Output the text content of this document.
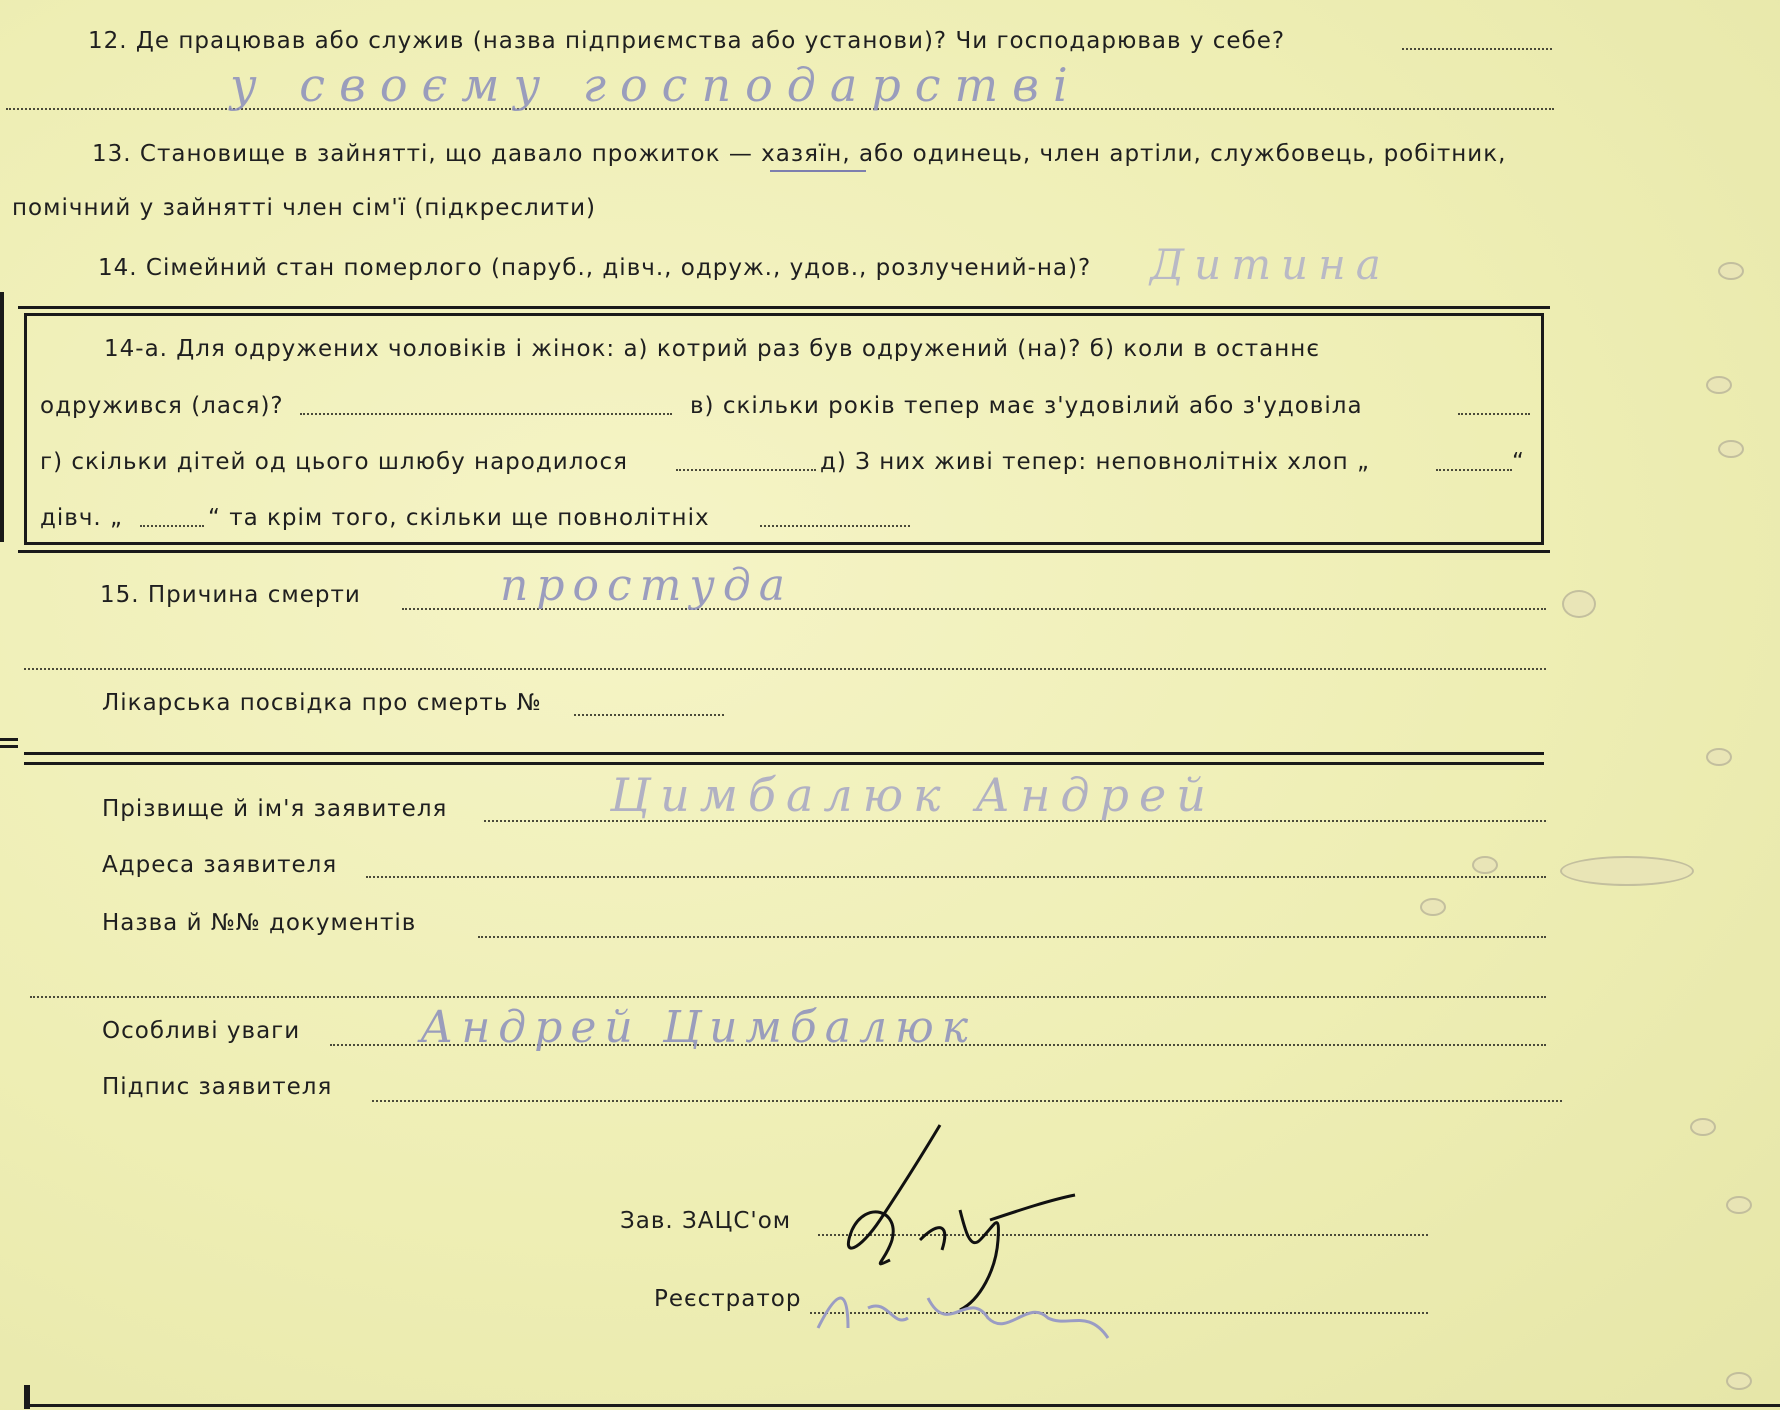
12. Де працював або служив (назва підприємства або установи)? Чи господарював у себе?
у своєму господарстві
13. Становище в зайнятті, що давало прожиток — хазяїн, або одинець, член артіли, службовець, робітник,
помічний у зайнятті член сім'ї (підкреслити)
14. Сімейний стан померлого (паруб., дівч., одруж., удов., розлучений-на)? Дитина
14-а. Для одружених чоловіків і жінок: а) котрий раз був одружений (на)? б) коли в останнє
одружився (лася)?	в) скільки років тепер має з'удовілий або з'удовіла
г) скільки дітей од цього шлюбу народилося	д) З них живі тепер: неповнолітніх хлоп „	“
дівч. „	“ та крім того, скільки ще повнолітніх
15. Причина смерти	простуда
Лікарська посвідка про смерть №
Прізвище й ім'я заявителя	Цимбалюк Андрей
Адреса заявителя
Назва й №№ документів
Особливі уваги	Андрей Цимбалюк
Підпис заявителя
Зав. ЗАЦС'ом
Реєстратор
